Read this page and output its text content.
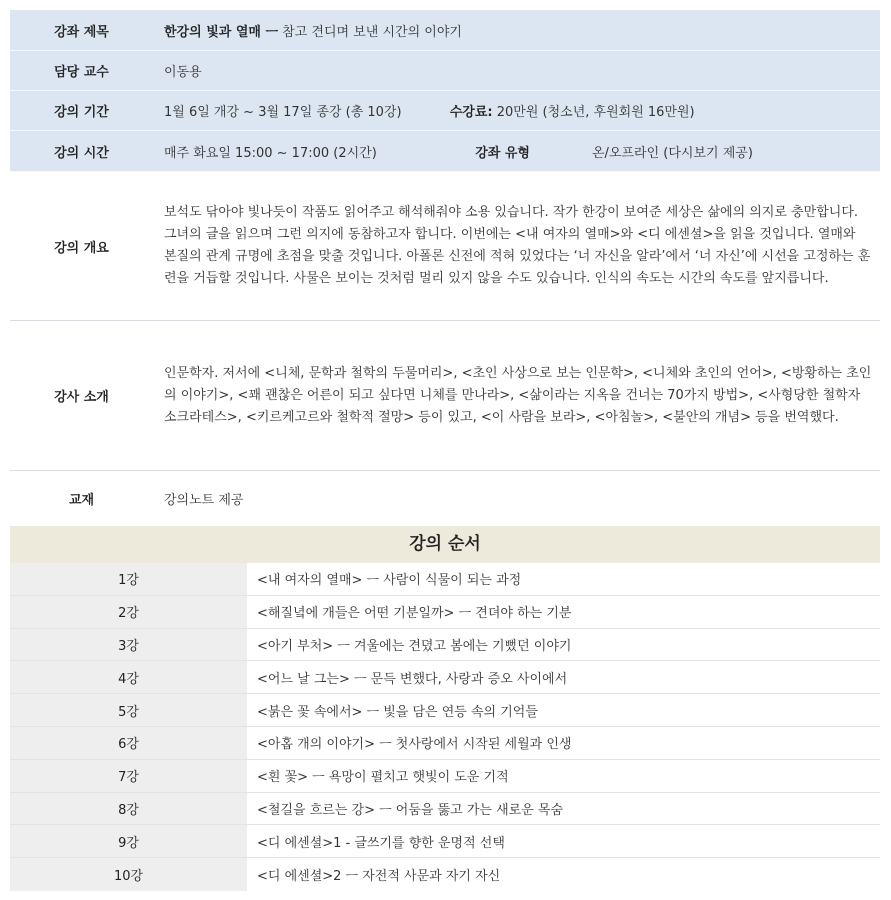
강좌 제목	한강의 빛과 열매 ㅡ 참고 견디며 보낸 시간의 이야기
담당 교수	이동용
강의 기간	1월 6일 개강 ~ 3월 17일 종강 (총 10강)	수강료: 20만원 (청소년, 후원회원 16만원)
강의 시간	매주 화요일 15:00 ~ 17:00 (2시간)	강좌 유형	온/오프라인 (다시보기 제공)
강의 개요

보석도 닦아야 빛나듯이 작품도 읽어주고 해석해줘야 소용 있습니다. 작가 한강이 보여준 세상은 삶에의 의지로 충만합니다. 그녀의 글을 읽으며 그런 의지에 동참하고자 합니다. 이번에는 <내 여자의 열매>와 <디 에센셜>을 읽을 것입니다. 열매와 본질의 관계 규명에 초점을 맞출 것입니다. 아폴론 신전에 적혀 있었다는 ‘너 자신을 알라’에서 ‘너 자신’에 시선을 고정하는 훈련을 거듭할 것입니다. 사물은 보이는 것처럼 멀리 있지 않을 수도 있습니다. 인식의 속도는 시간의 속도를 앞지릅니다.

강사 소개

인문학자. 저서에 <니체, 문학과 철학의 두물머리>, <초인 사상으로 보는 인문학>, <니체와 초인의 언어>, <방황하는 초인의 이야기>, <꽤 괜찮은 어른이 되고 싶다면 니체를 만나라>, <삶이라는 지옥을 건너는 70가지 방법>, <사형당한 철학자 소크라테스>, <키르케고르와 철학적 절망> 등이 있고, <이 사람을 보라>, <아침놀>, <불안의 개념> 등을 번역했다.

교재	강의노트 제공
강의 순서
1강	<내 여자의 열매> ㅡ 사람이 식물이 되는 과정
2강	<해질녘에 개들은 어떤 기분일까> ㅡ 견뎌야 하는 기분
3강	<아기 부처> ㅡ 겨울에는 견뎠고 봄에는 기뻤던 이야기
4강	<어느 날 그는> ㅡ 문득 변했다, 사랑과 증오 사이에서
5강	<붉은 꽃 속에서> ㅡ 빛을 담은 연등 속의 기억들
6강	<아홉 개의 이야기> ㅡ 첫사랑에서 시작된 세월과 인생
7강	<흰 꽃> ㅡ 욕망이 펼치고 햇빛이 도운 기적
8강	<철길을 흐르는 강> ㅡ 어둠을 뚫고 가는 새로운 목숨
9강	<디 에센셜>1 - 글쓰기를 향한 운명적 선택
10강	<디 에센셜>2 ㅡ 자전적 사문과 자기 자신
